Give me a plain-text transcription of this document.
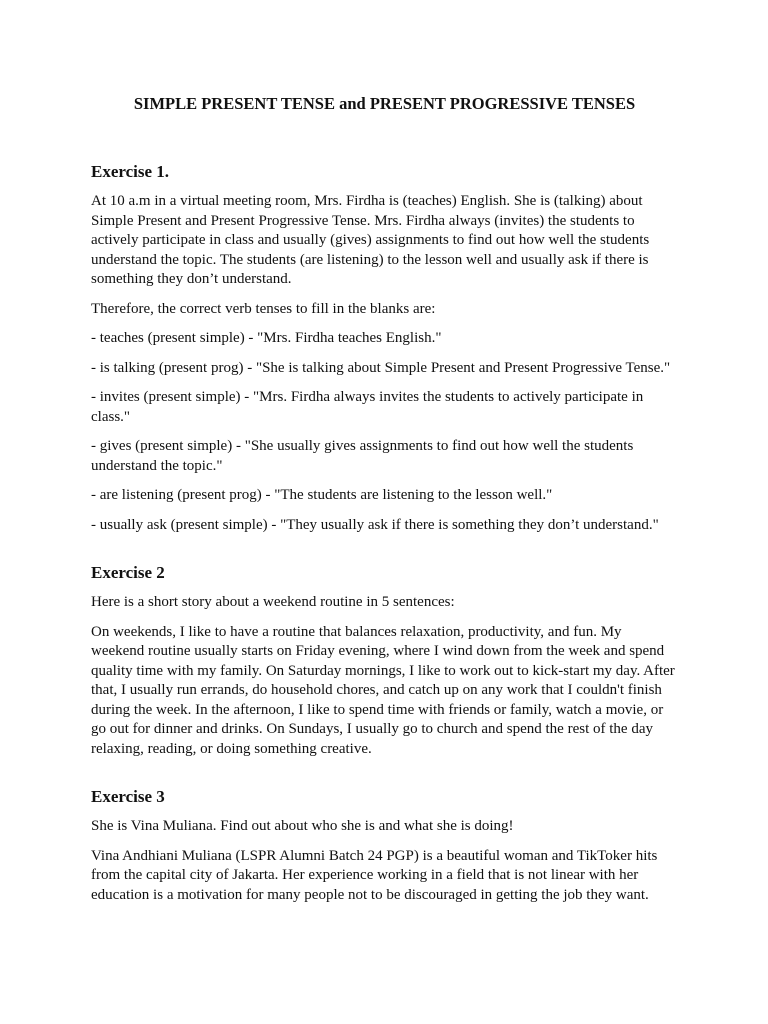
SIMPLE PRESENT TENSE and PRESENT PROGRESSIVE TENSES
Exercise 1.

At 10 a.m in a virtual meeting room, Mrs. Firdha is (teaches) English. She is (talking) about Simple Present and Present Progressive Tense. Mrs. Firdha always (invites) the students to actively participate in class and usually (gives) assignments to find out how well the students understand the topic. The students (are listening) to the lesson well and usually ask if there is something they don’t understand.

Therefore, the correct verb tenses to fill in the blanks are:

- teaches (present simple) - "Mrs. Firdha teaches English."

- is talking (present prog) - "She is talking about Simple Present and Present Progressive Tense."

- invites (present simple) - "Mrs. Firdha always invites the students to actively participate in class."

- gives (present simple) - "She usually gives assignments to find out how well the students understand the topic."

- are listening (present prog) - "The students are listening to the lesson well."

- usually ask (present simple) - "They usually ask if there is something they don’t understand."

Exercise 2

Here is a short story about a weekend routine in 5 sentences:

On weekends, I like to have a routine that balances relaxation, productivity, and fun. My weekend routine usually starts on Friday evening, where I wind down from the week and spend quality time with my family. On Saturday mornings, I like to work out to kick-start my day. After that, I usually run errands, do household chores, and catch up on any work that I couldn't finish during the week. In the afternoon, I like to spend time with friends or family, watch a movie, or go out for dinner and drinks. On Sundays, I usually go to church and spend the rest of the day relaxing, reading, or doing something creative.

Exercise 3

She is Vina Muliana. Find out about who she is and what she is doing!

Vina Andhiani Muliana (LSPR Alumni Batch 24 PGP) is a beautiful woman and TikToker hits from the capital city of Jakarta. Her experience working in a field that is not linear with her education is a motivation for many people not to be discouraged in getting the job they want.
